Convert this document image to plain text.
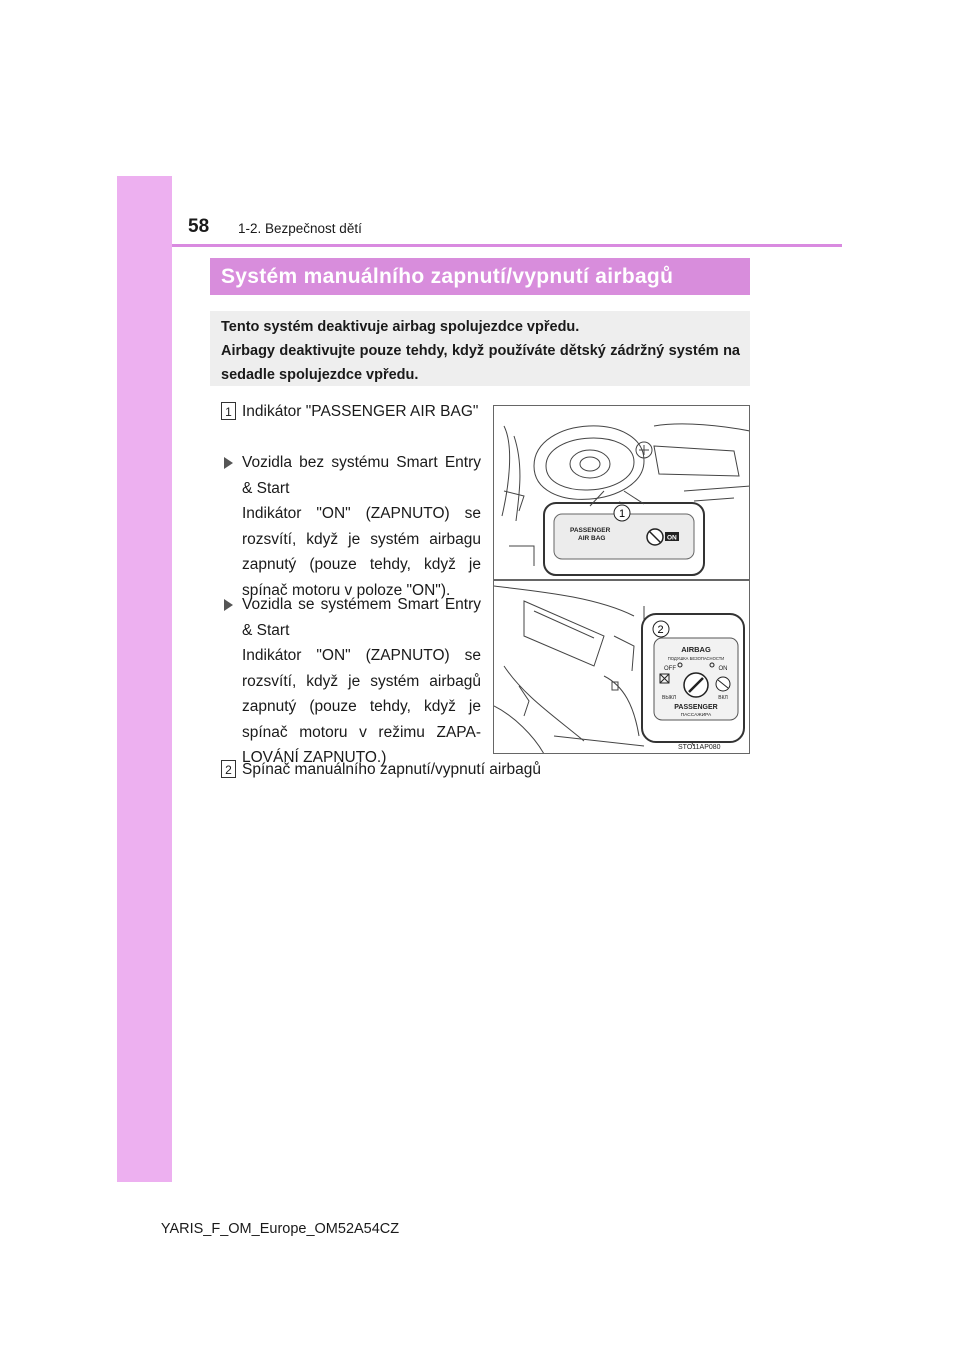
58 1-2. Bezpečnost dětí
Systém manuálního zapnutí/vypnutí airbagů

Tento systém deaktivuje airbag spolujezdce vpředu.

Airbagy deaktivujte pouze tehdy, když používáte dětský zádržný systém na sedadle spolujezdce vpředu.

1 Indikátor "PASSENGER AIR BAG"

Vozidla bez systému Smart Entry & Start

Indikátor "ON" (ZAPNUTO) se rozsvítí, když je systém airbagu zapnutý (pouze tehdy, když je spínač motoru v poloze "ON").

Vozidla se systémem Smart Entry & Start

Indikátor "ON" (ZAPNUTO) se rozsvítí, když je systém airbagů zapnutý (pouze tehdy, když je spínač motoru v režimu ZAPA-LOVÁNÍ ZAPNUTO.)

2 Spínač manuálního zapnutí/vypnutí airbagů
PASSENGER
AIR BAG	ON
1
2
AIRBAG
ПОДУШКА БЕЗОПАСНОСТИ
OFF	ON
ВЫКЛ	ВКЛ
PASSENGER
ПАССАЖИРА
STO11AP080
YARIS_F_OM_Europe_OM52A54CZ
